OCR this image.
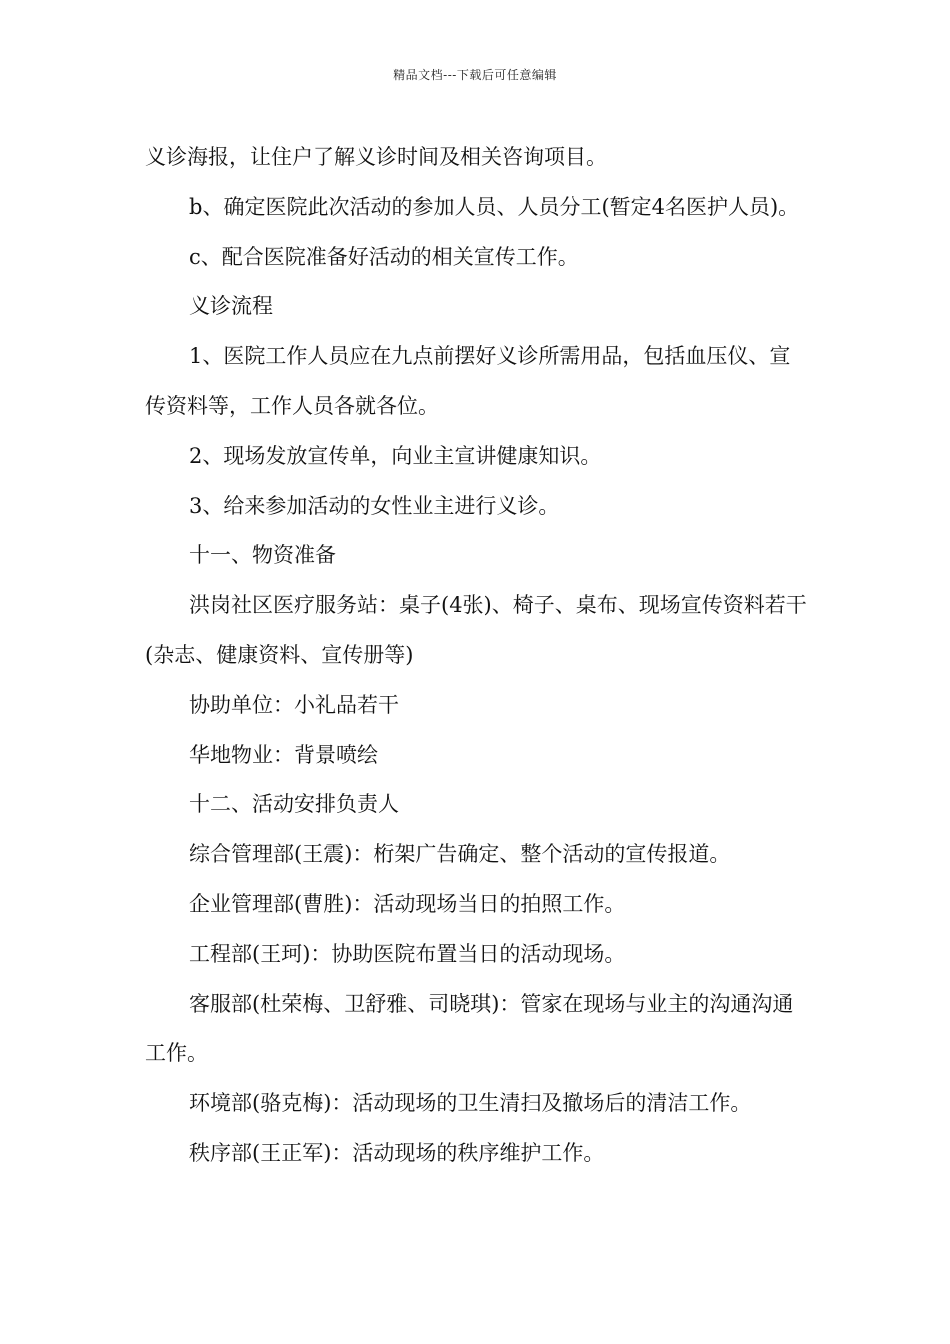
精品文档---下载后可任意编辑

义诊海报，让住户了解义诊时间及相关咨询项目。

b、确定医院此次活动的参加人员、人员分工(暂定4名医护人员)。

c、配合医院准备好活动的相关宣传工作。

义诊流程

1、医院工作人员应在九点前摆好义诊所需用品，包括血压仪、宣传资料等，工作人员各就各位。

2、现场发放宣传单，向业主宣讲健康知识。

3、给来参加活动的女性业主进行义诊。

十一、物资准备

洪岗社区医疗服务站：桌子(4张)、椅子、桌布、现场宣传资料若干(杂志、健康资料、宣传册等)

协助单位：小礼品若干

华地物业：背景喷绘

十二、活动安排负责人

综合管理部(王震)：桁架广告确定、整个活动的宣传报道。

企业管理部(曹胜)：活动现场当日的拍照工作。

工程部(王珂)：协助医院布置当日的活动现场。

客服部(杜荣梅、卫舒雅、司晓琪)：管家在现场与业主的沟通沟通工作。

环境部(骆克梅)：活动现场的卫生清扫及撤场后的清洁工作。

秩序部(王正军)：活动现场的秩序维护工作。
